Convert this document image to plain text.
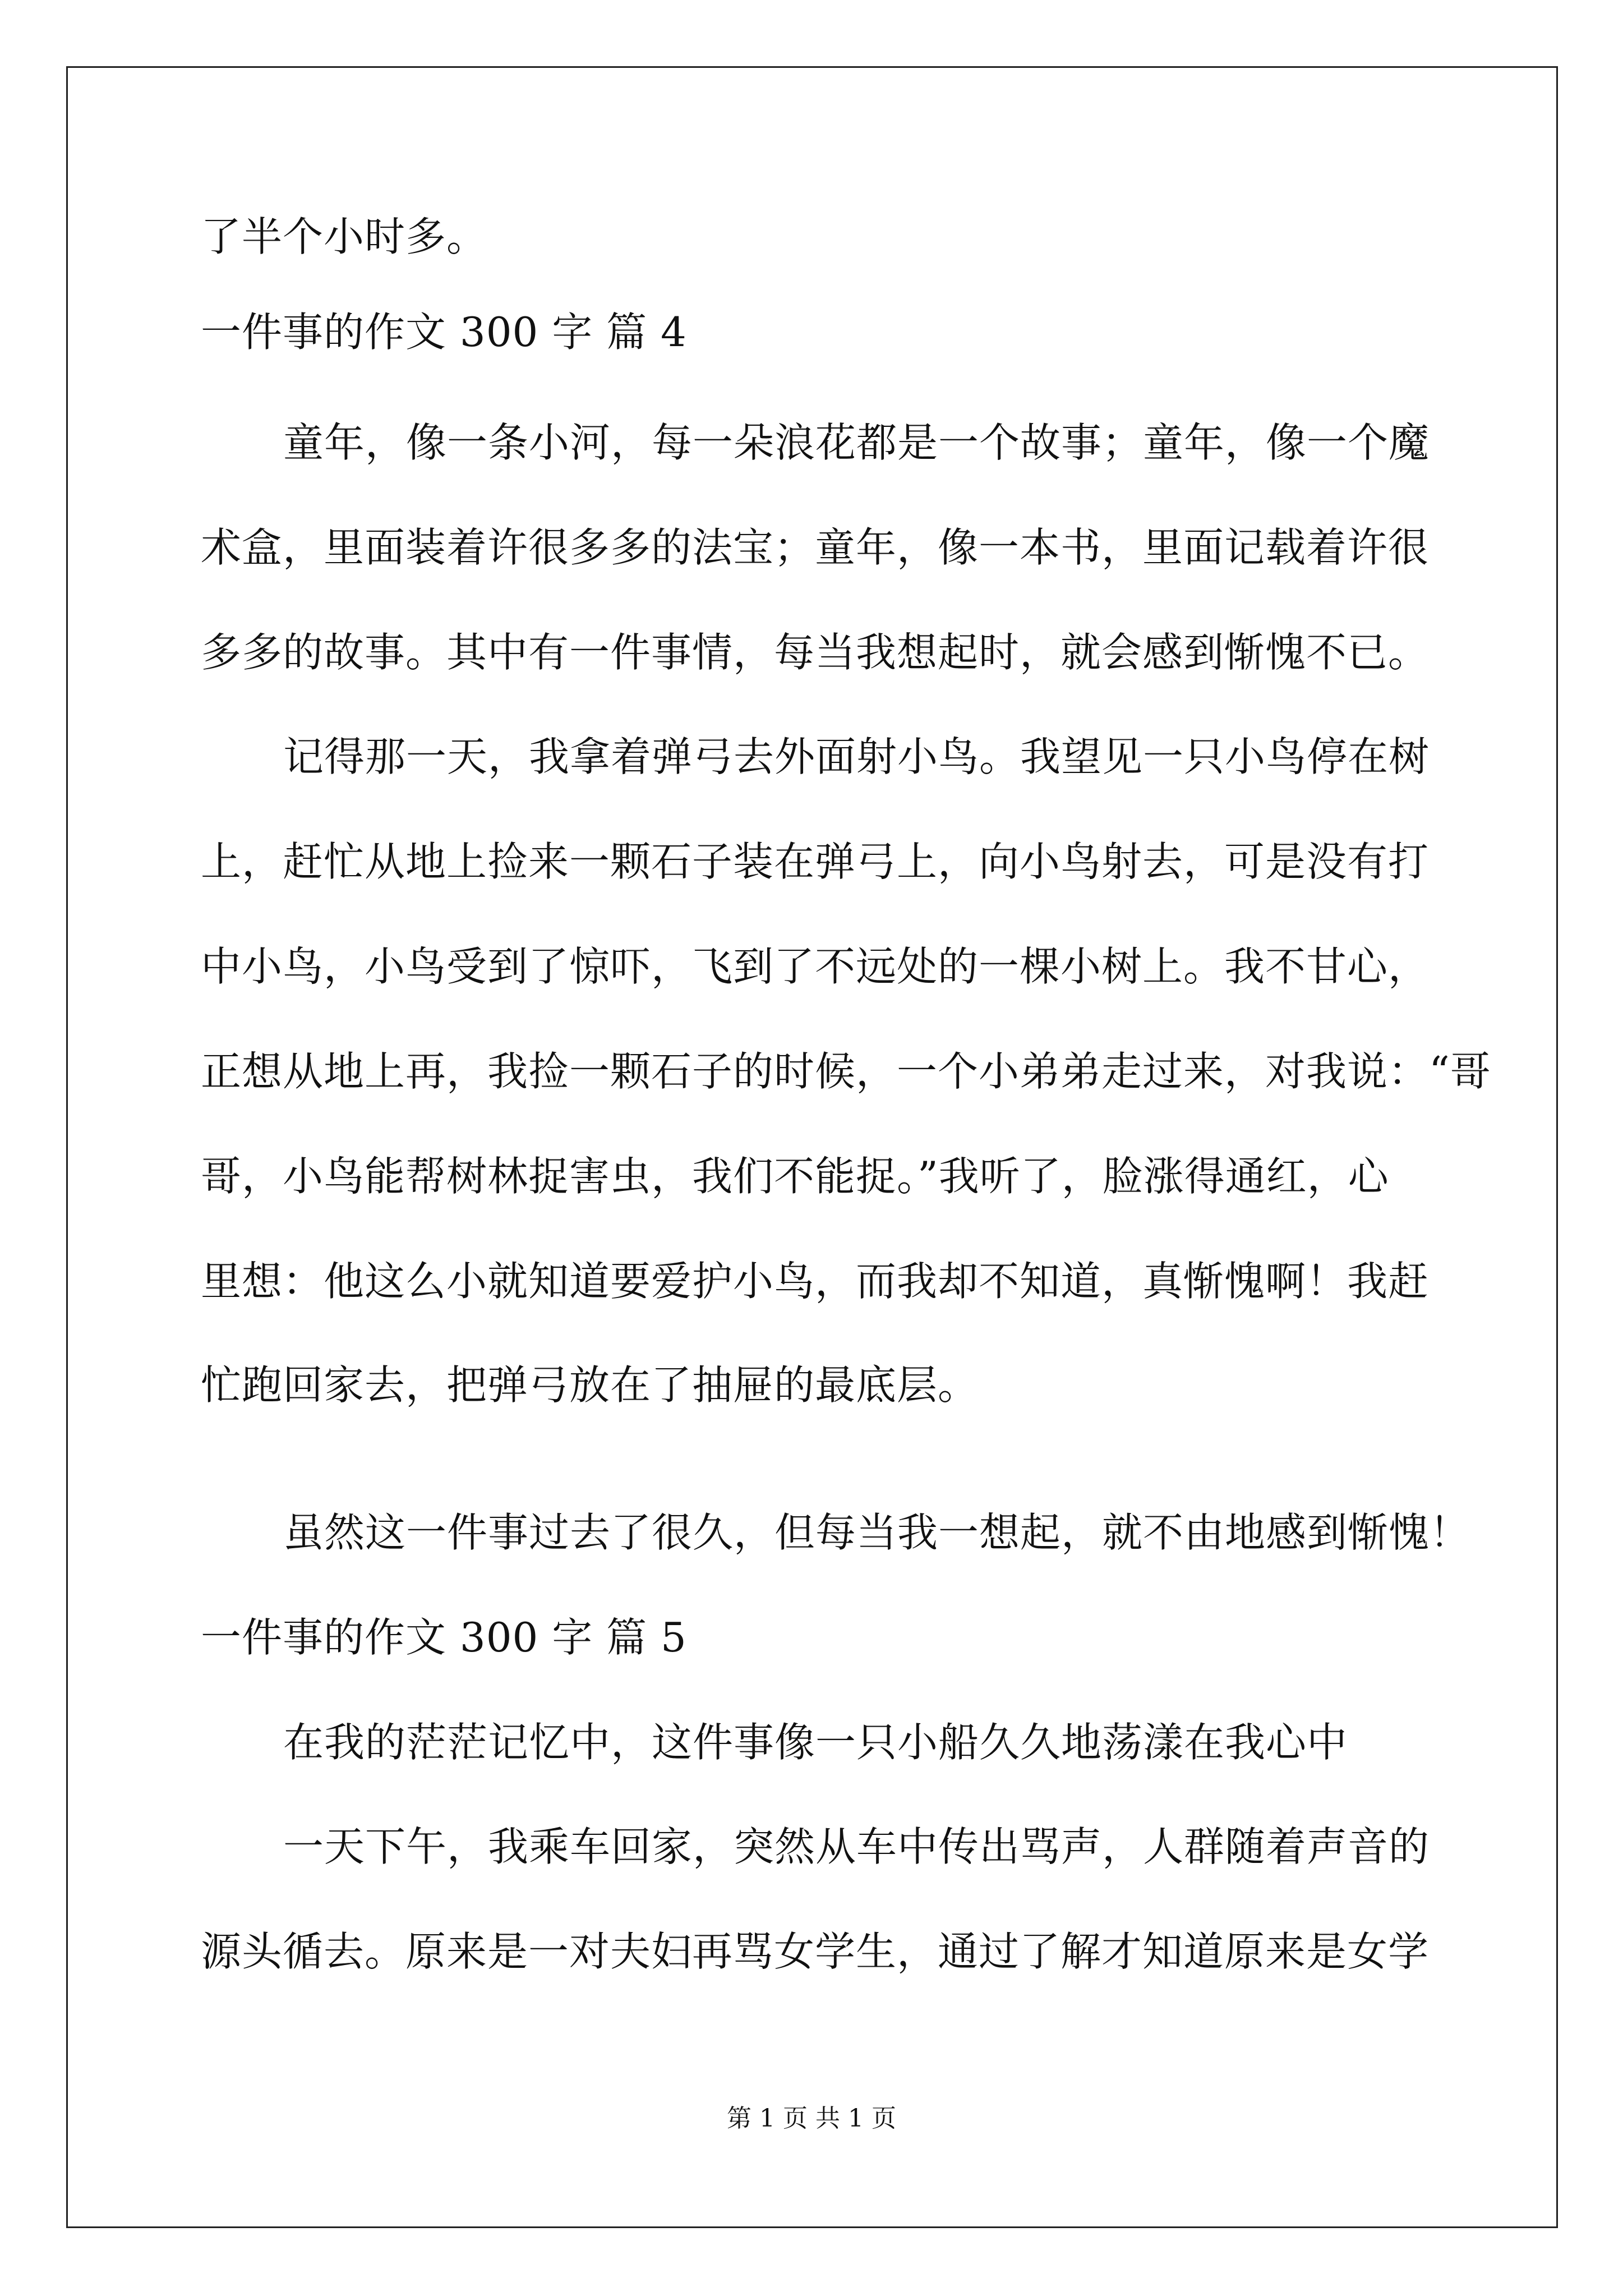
了半个小时多。

一件事的作文 300 字 篇 4

童年，像一条小河，每一朵浪花都是一个故事；童年，像一个魔

术盒，里面装着许很多多的法宝；童年，像一本书，里面记载着许很

多多的故事。其中有一件事情，每当我想起时，就会感到惭愧不已。

记得那一天，我拿着弹弓去外面射小鸟。我望见一只小鸟停在树

上，赶忙从地上捡来一颗石子装在弹弓上，向小鸟射去，可是没有打

中小鸟，小鸟受到了惊吓，飞到了不远处的一棵小树上。我不甘心，

正想从地上再，我捡一颗石子的时候，一个小弟弟走过来，对我说：“哥

哥，小鸟能帮树林捉害虫，我们不能捉。”我听了，脸涨得通红，心

里想：他这么小就知道要爱护小鸟，而我却不知道，真惭愧啊！我赶

忙跑回家去，把弹弓放在了抽屉的最底层。

虽然这一件事过去了很久，但每当我一想起，就不由地感到惭愧！

一件事的作文 300 字 篇 5

在我的茫茫记忆中，这件事像一只小船久久地荡漾在我心中

一天下午，我乘车回家，突然从车中传出骂声，人群随着声音的

源头循去。原来是一对夫妇再骂女学生，通过了解才知道原来是女学

第 1 页 共 1 页
